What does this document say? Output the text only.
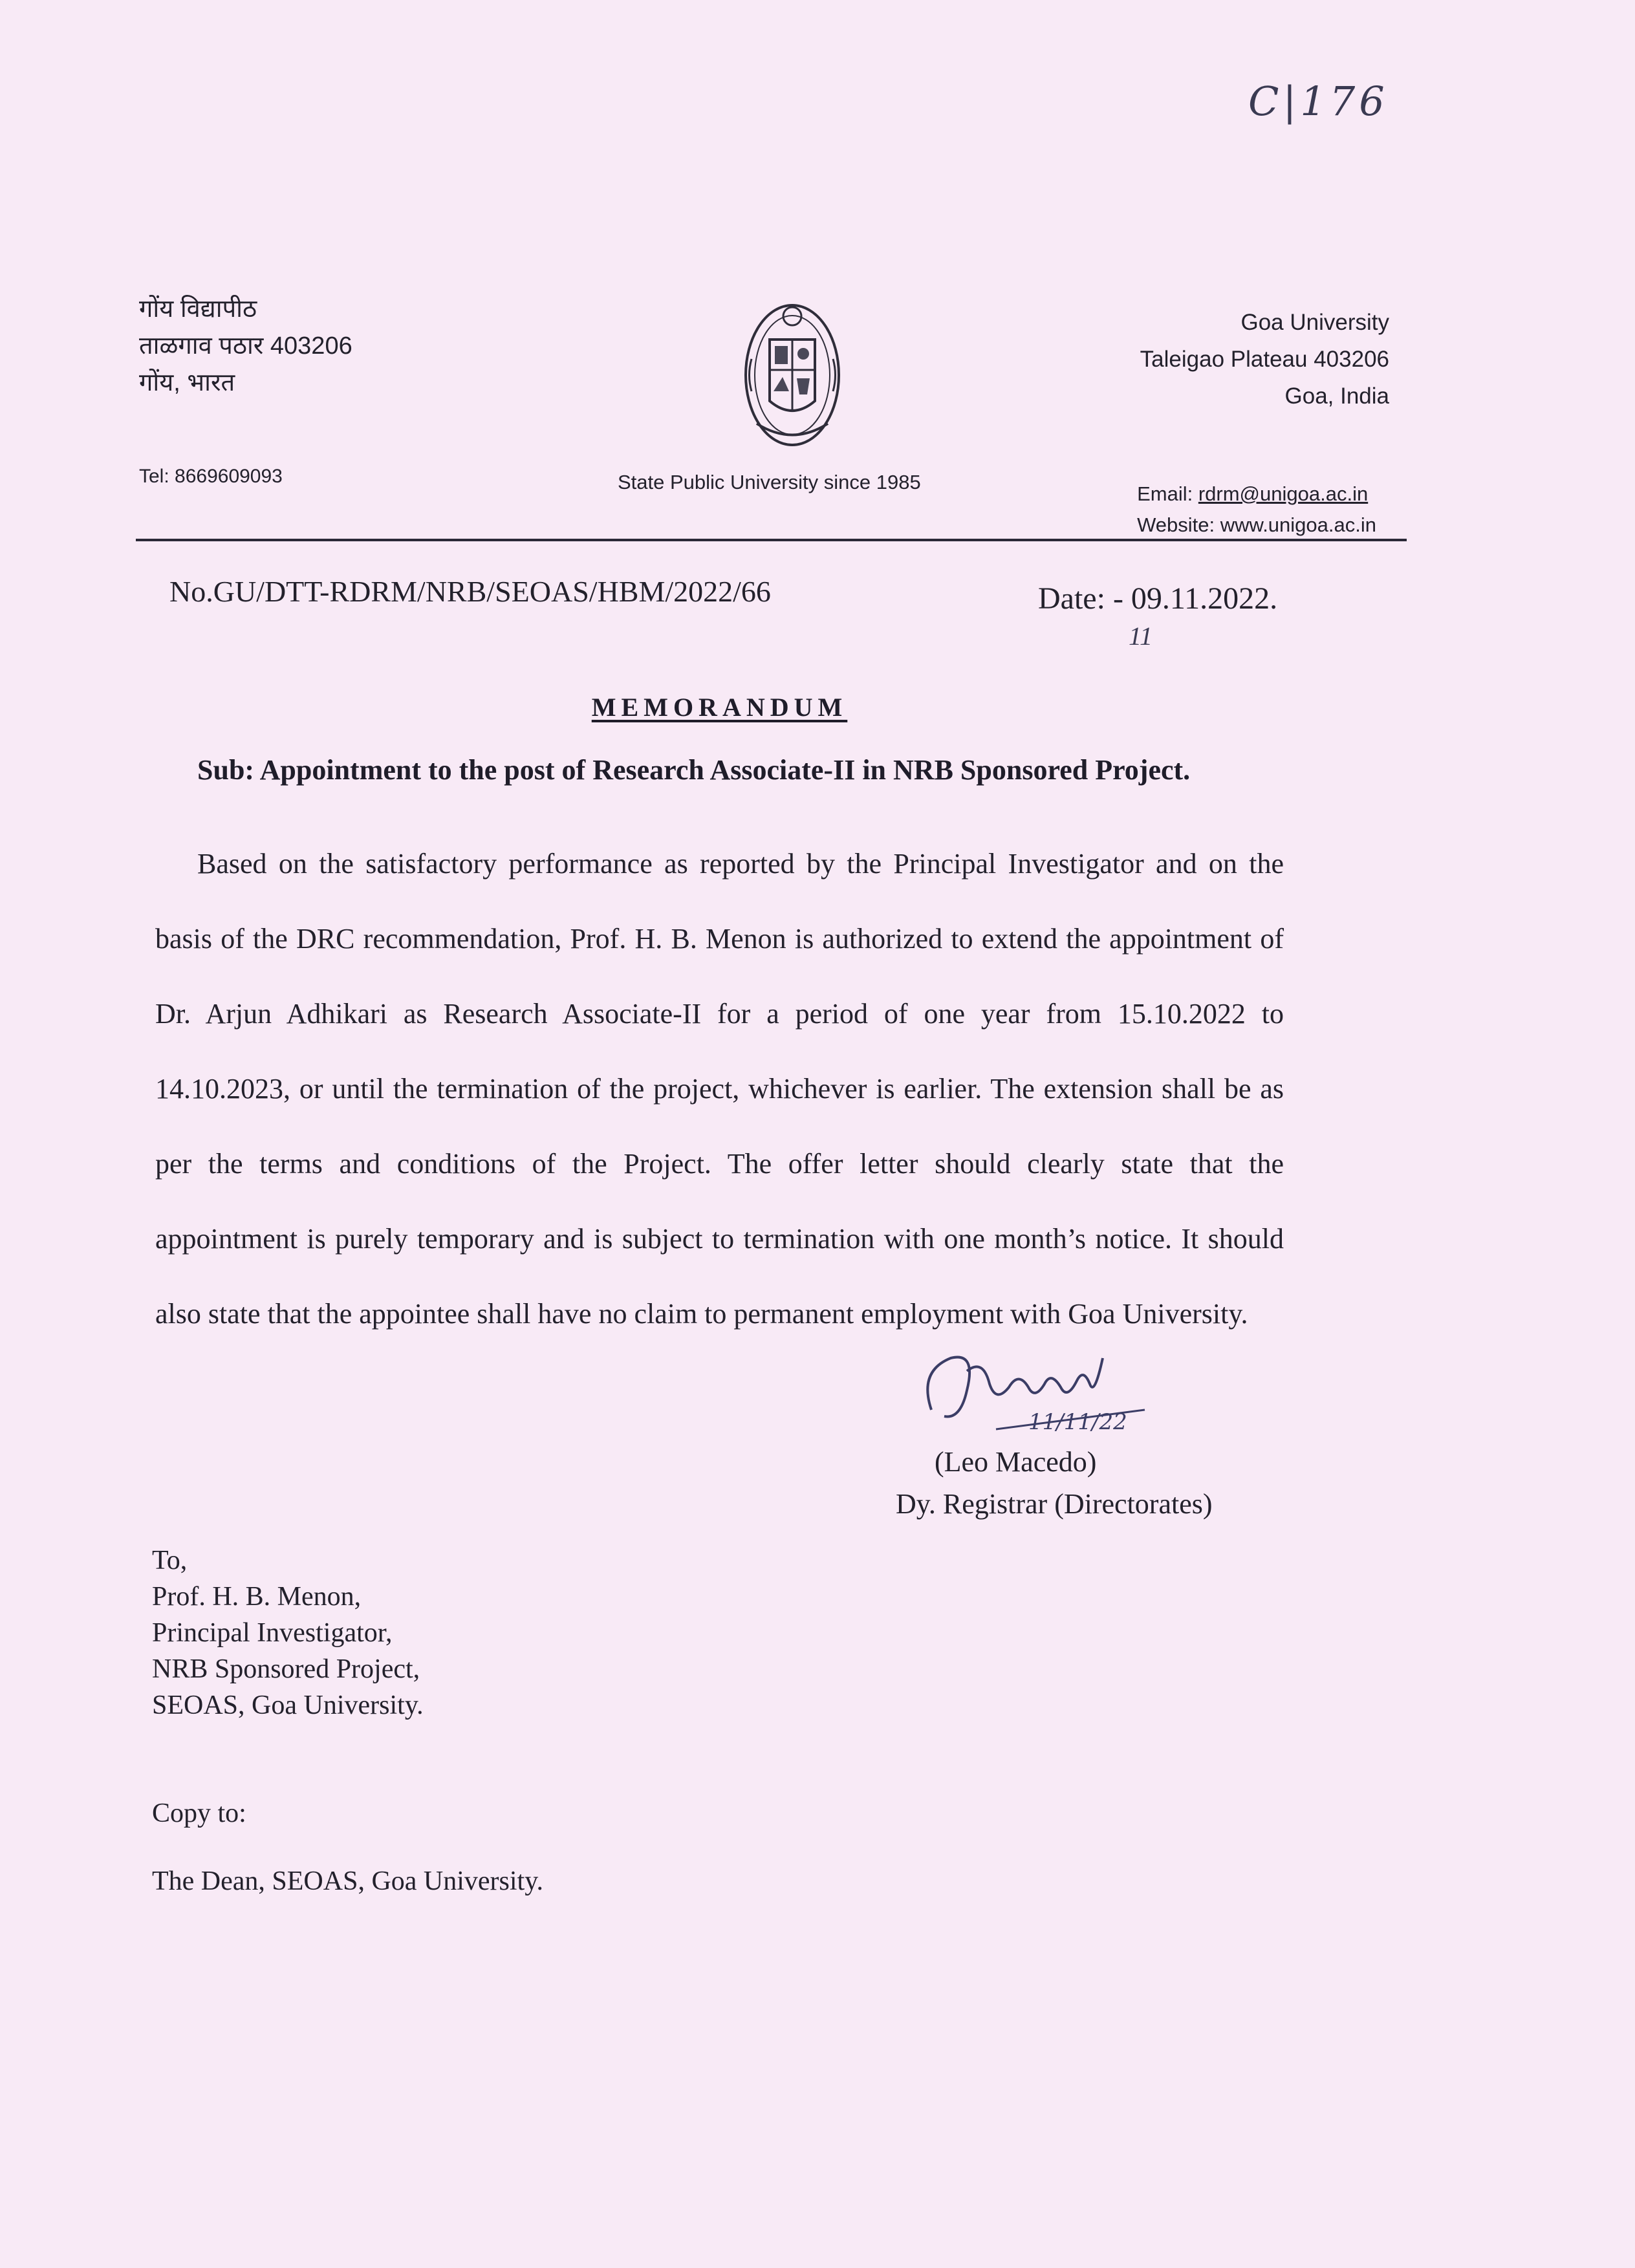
C|176
गोंय विद्यापीठ
ताळगाव पठार 403206
गोंय, भारत
Goa University
Taleigao Plateau 403206
Goa, India
Tel: 8669609093	State Public University since 1985
Email: rdrm@unigoa.ac.in
Website: www.unigoa.ac.in
No.GU/DTT-RDRM/NRB/SEOAS/HBM/2022/66	Date: - 09.11.2022.
11
MEMORANDUM
Sub: Appointment to the post of Research Associate-II in NRB Sponsored Project.
Based on the satisfactory performance as reported by the Principal Investigator and on the basis of the DRC recommendation, Prof. H. B. Menon is authorized to extend the appointment of Dr. Arjun Adhikari as Research Associate-II for a period of one year from 15.10.2022 to 14.10.2023, or until the termination of the project, whichever is earlier. The extension shall be as per the terms and conditions of the Project. The offer letter should clearly state that the appointment is purely temporary and is subject to termination with one month’s notice. It should also state that the appointee shall have no claim to permanent employment with Goa University.
11/11/22
(Leo Macedo)
Dy. Registrar (Directorates)
To,
Prof. H. B. Menon,
Principal Investigator,
NRB Sponsored Project,
SEOAS, Goa University.
Copy to:
The Dean, SEOAS, Goa University.
